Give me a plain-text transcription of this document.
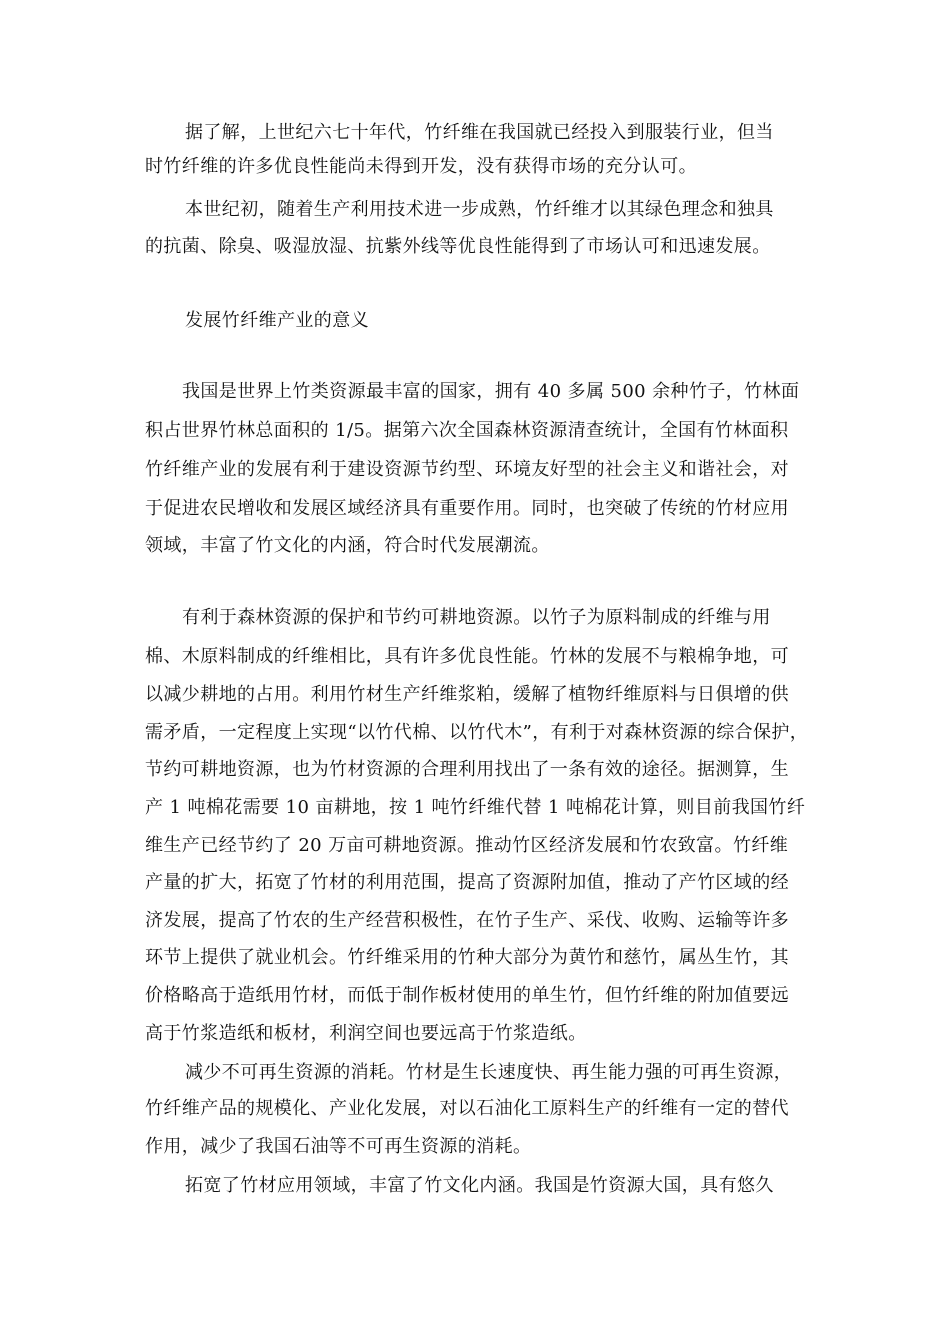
据了解，上世纪六七十年代，竹纤维在我国就已经投入到服装行业，但当
时竹纤维的许多优良性能尚未得到开发，没有获得市场的充分认可。
本世纪初，随着生产利用技术进一步成熟，竹纤维才以其绿色理念和独具
的抗菌、除臭、吸湿放湿、抗紫外线等优良性能得到了市场认可和迅速发展。
发展竹纤维产业的意义
我国是世界上竹类资源最丰富的国家，拥有 40 多属 500 余种竹子，竹林面
积占世界竹林总面积的 1/5。据第六次全国森林资源清查统计，全国有竹林面积
竹纤维产业的发展有利于建设资源节约型、环境友好型的社会主义和谐社会，对
于促进农民增收和发展区域经济具有重要作用。同时，也突破了传统的竹材应用
领域，丰富了竹文化的内涵，符合时代发展潮流。
有利于森林资源的保护和节约可耕地资源。以竹子为原料制成的纤维与用
棉、木原料制成的纤维相比，具有许多优良性能。竹林的发展不与粮棉争地，可
以减少耕地的占用。利用竹材生产纤维浆粕，缓解了植物纤维原料与日俱增的供
需矛盾，一定程度上实现“以竹代棉、以竹代木”，有利于对森林资源的综合保护，
节约可耕地资源，也为竹材资源的合理利用找出了一条有效的途径。据测算，生
产 1 吨棉花需要 10 亩耕地，按 1 吨竹纤维代替 1 吨棉花计算，则目前我国竹纤
维生产已经节约了 20 万亩可耕地资源。推动竹区经济发展和竹农致富。竹纤维
产量的扩大，拓宽了竹材的利用范围，提高了资源附加值，推动了产竹区域的经
济发展，提高了竹农的生产经营积极性，在竹子生产、采伐、收购、运输等许多
环节上提供了就业机会。竹纤维采用的竹种大部分为黄竹和慈竹，属丛生竹，其
价格略高于造纸用竹材，而低于制作板材使用的单生竹，但竹纤维的附加值要远
高于竹浆造纸和板材，利润空间也要远高于竹浆造纸。
减少不可再生资源的消耗。竹材是生长速度快、再生能力强的可再生资源，
竹纤维产品的规模化、产业化发展，对以石油化工原料生产的纤维有一定的替代
作用，减少了我国石油等不可再生资源的消耗。
拓宽了竹材应用领域，丰富了竹文化内涵。我国是竹资源大国，具有悠久
